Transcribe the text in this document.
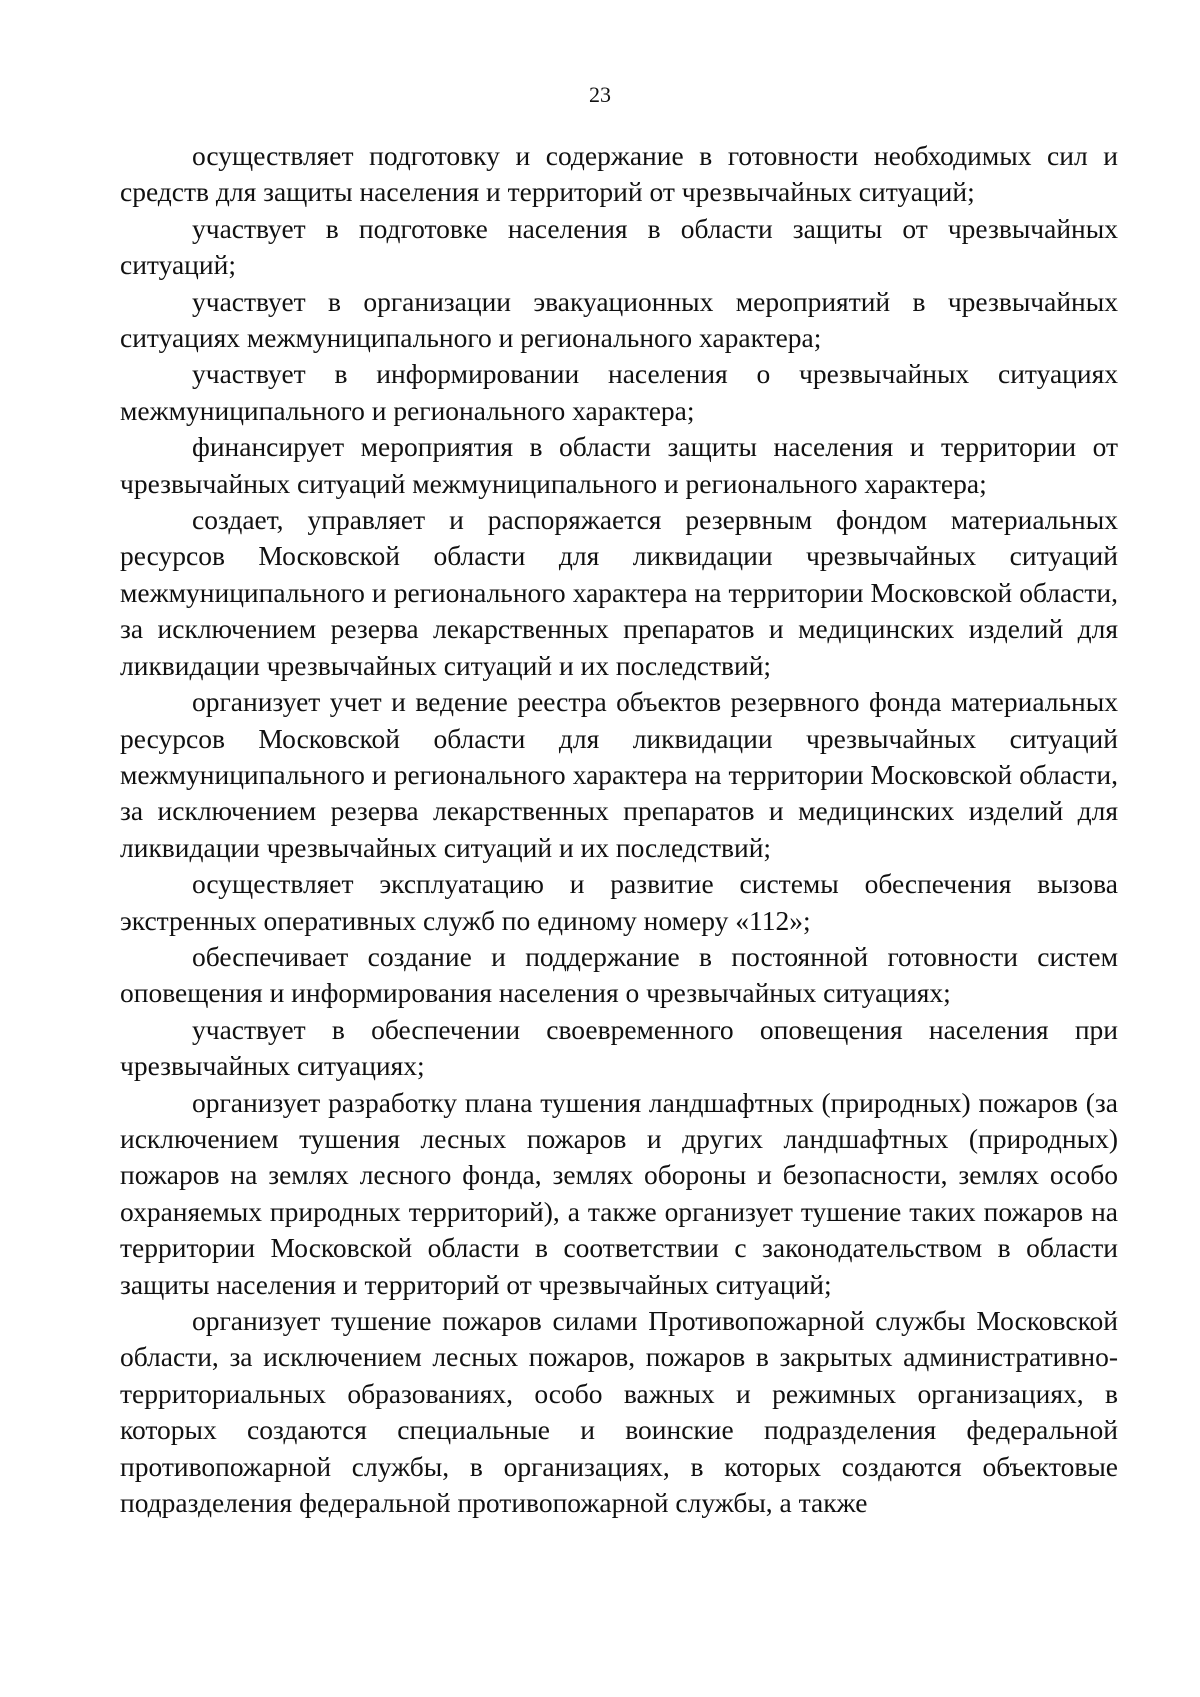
23

осуществляет подготовку и содержание в готовности необходимых сил и средств для защиты населения и территорий от чрезвычайных ситуаций;

участвует в подготовке населения в области защиты от чрезвычайных ситуаций;

участвует в организации эвакуационных мероприятий в чрезвычайных ситуациях межмуниципального и регионального характера;

участвует в информировании населения о чрезвычайных ситуациях межмуниципального и регионального характера;

финансирует мероприятия в области защиты населения и территории от чрезвычайных ситуаций межмуниципального и регионального характера;

создает, управляет и распоряжается резервным фондом материальных ресурсов Московской области для ликвидации чрезвычайных ситуаций межмуниципального и регионального характера на территории Московской области, за исключением резерва лекарственных препаратов и медицинских изделий для ликвидации чрезвычайных ситуаций и их последствий;

организует учет и ведение реестра объектов резервного фонда материальных ресурсов Московской области для ликвидации чрезвычайных ситуаций межмуниципального и регионального характера на территории Московской области, за исключением резерва лекарственных препаратов и медицинских изделий для ликвидации чрезвычайных ситуаций и их последствий;

осуществляет эксплуатацию и развитие системы обеспечения вызова экстренных оперативных служб по единому номеру «112»;

обеспечивает создание и поддержание в постоянной готовности систем оповещения и информирования населения о чрезвычайных ситуациях;

участвует в обеспечении своевременного оповещения населения при чрезвычайных ситуациях;

организует разработку плана тушения ландшафтных (природных) пожаров (за исключением тушения лесных пожаров и других ландшафтных (природных) пожаров на землях лесного фонда, землях обороны и безопасности, землях особо охраняемых природных территорий), а также организует тушение таких пожаров на территории Московской области в соответствии с законодательством в области защиты населения и территорий от чрезвычайных ситуаций;

организует тушение пожаров силами Противопожарной службы Московской области, за исключением лесных пожаров, пожаров в закрытых административно-территориальных образованиях, особо важных и режимных организациях, в которых создаются специальные и воинские подразделения федеральной противопожарной службы, в организациях, в которых создаются объектовые подразделения федеральной противопожарной службы, а также
